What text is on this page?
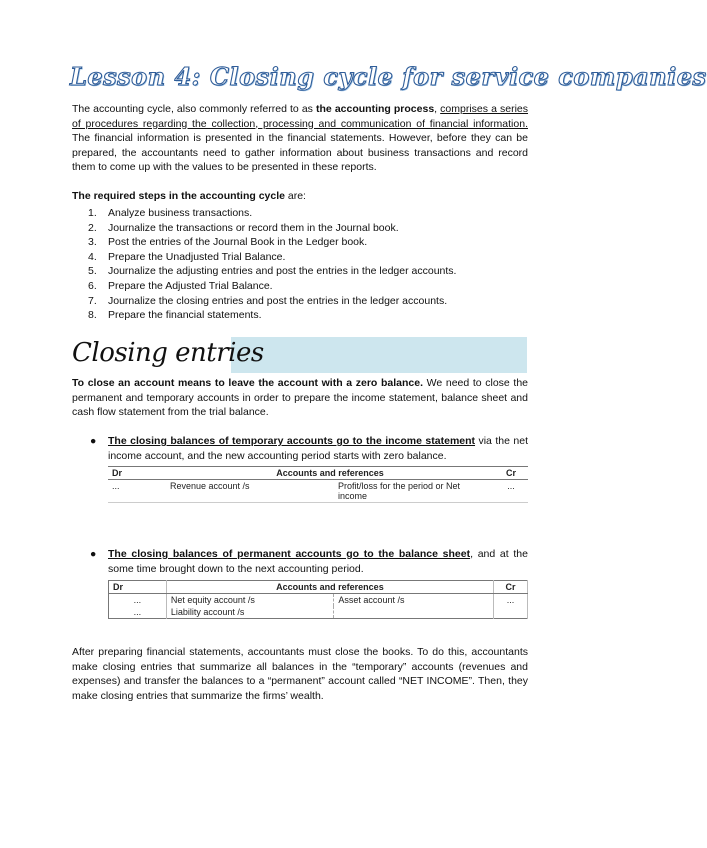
Lesson 4: Closing cycle for service companies

The accounting cycle, also commonly referred to as the accounting process, comprises a series of procedures regarding the collection, processing and communication of financial information. The financial information is presented in the financial statements. However, before they can be prepared, the accountants need to gather information about business transactions and record them to come up with the values to be presented in these reports.

The required steps in the accounting cycle are:

1. Analyze business transactions.
2. Journalize the transactions or record them in the Journal book.
3. Post the entries of the Journal Book in the Ledger book.
4. Prepare the Unadjusted Trial Balance.
5. Journalize the adjusting entries and post the entries in the ledger accounts.
6. Prepare the Adjusted Trial Balance.
7. Journalize the closing entries and post the entries in the ledger accounts.
8. Prepare the financial statements.
Closing entries

To close an account means to leave the account with a zero balance. We need to close the permanent and temporary accounts in order to prepare the income statement, balance sheet and cash flow statement from the trial balance.

●	The closing balances of temporary accounts go to the income statement via the net income account, and the new accounting period starts with zero balance.
Dr	Accounts and references		Cr
...	Revenue account /s	Profit/loss for the period or Net income	...
●	The closing balances of permanent accounts go to the balance sheet, and at the some time brought down to the next accounting period.
Dr	Accounts and references		Cr
...	Net equity account /s	Asset account /s	...
...	Liability account /s		

After preparing financial statements, accountants must close the books. To do this, accountants make closing entries that summarize all balances in the “temporary” accounts (revenues and expenses) and transfer the balances to a “permanent” account called “NET INCOME”. Then, they make closing entries that summarize the firms’ wealth.
